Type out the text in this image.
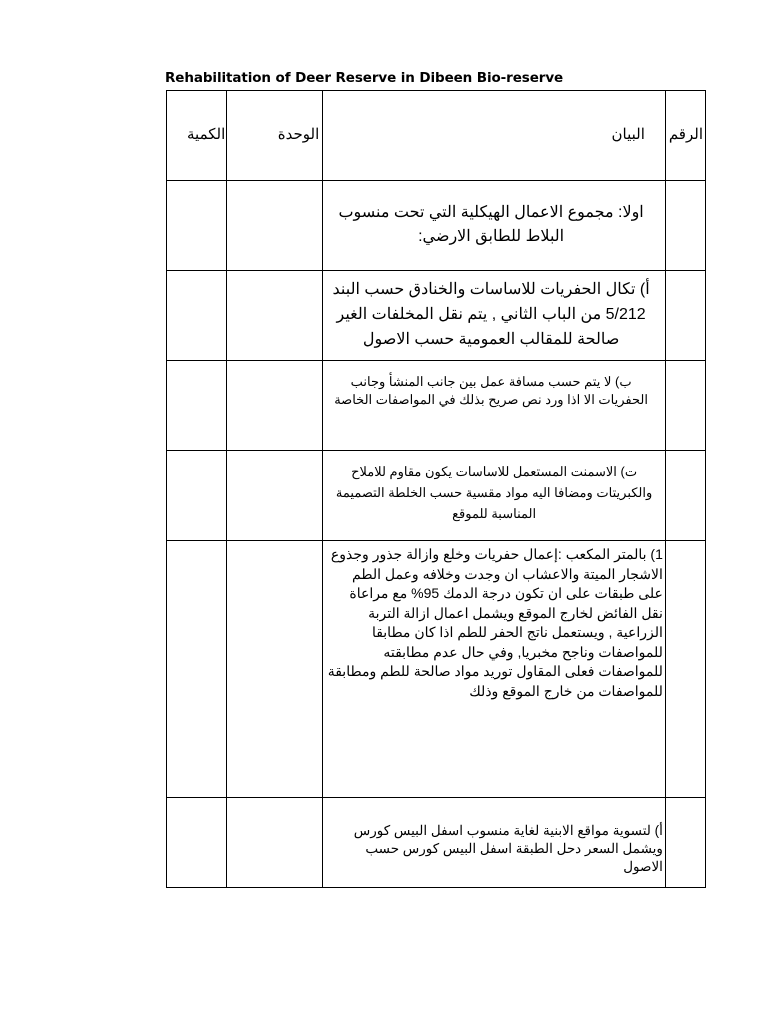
Rehabilitation of Deer Reserve in Dibeen Bio-reserve
الكمية	الوحدة	البيان	الرقم

		اولا: مجموع الاعمال الهيكلية التي تحت منسوب البلاط للطابق الارضي:	

		أ) تكال الحفريات للاساسات والخنادق حسب البند 5/212 من الباب الثاني , يتم نقل المخلفات الغير صالحة للمقالب العمومية حسب الاصول	

		ب) لا يتم حسب مسافة عمل بين جانب المنشأ وجانب الحفريات الا اذا ورد نص صريح بذلك في المواصفات الخاصة	

		ت) الاسمنت المستعمل للاساسات يكون مقاوم للاملاح والكبريتات ومضافا اليه مواد مقسية حسب الخلطة التصميمة المناسبة للموقع	

		1) بالمتر المكعب :إعمال حفريات وخلع وازالة جذور وجذوع الاشجار الميتة والاعشاب ان وجدت وخلافه وعمل الطم على طبقات على ان تكون درجة الدمك 95% مع مراعاة نقل الفائض لخارج الموقع ويشمل اعمال ازالة التربة الزراعية , ويستعمل ناتج الحفر للطم اذا كان مطابقا للمواصفات وناجح مخبريا, وفي حال عدم مطابقته للمواصفات فعلى المقاول توريد مواد صالحة للطم ومطابقة للمواصفات من خارج الموقع وذلك	

		أ) لتسوية مواقع الابنية لغاية منسوب اسفل البيس كورس ويشمل السعر دحل الطبقة اسفل البيس كورس حسب الاصول	
